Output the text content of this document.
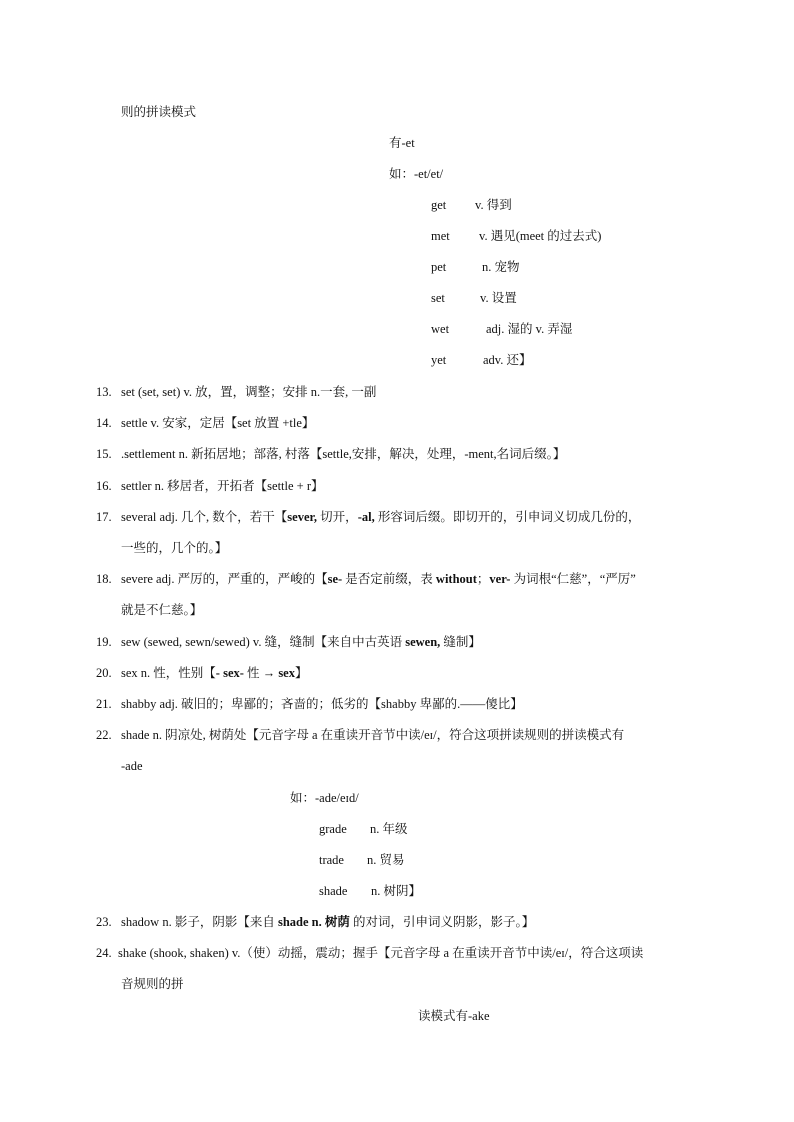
则的拼读模式
有-et
如：-et/et/
get v. 得到
met v. 遇见(meet 的过去式)
pet	n. 宠物
set	v. 设置
wet	adj. 湿的 v. 弄湿
yet	adv. 还】
13. set (set, set) v. 放，置，调整；安排 n.一套, 一副
14. settle v. 安家，定居【set 放置 +tle】
15. .settlement n. 新拓居地；部落, 村落【settle,安排，解决，处理，-ment,名词后缀。】
16. settler n. 移居者，开拓者【settle + r】
17. several adj. 几个, 数个，若干【sever, 切开，-al, 形容词后缀。即切开的，引申词义切成几份的，
一些的，几个的。】
18. severe adj. 严厉的，严重的，严峻的【se- 是否定前缀，表 without；ver- 为词根“仁慈”，“严厉”
就是不仁慈。】
19. sew (sewed, sewn/sewed) v. 缝，缝制【来自中古英语 sewen, 缝制】
20. sex n. 性，性别【- sex- 性 → sex】
21. shabby adj. 破旧的；卑鄙的；吝啬的；低劣的【shabby 卑鄙的.——傻比】
22. shade n. 阴凉处, 树荫处【元音字母 a 在重读开音节中读/eɪ/，符合这项拼读规则的拼读模式有
-ade
如：-ade/eɪd/
grade n. 年级
trade n. 贸易
shade n. 树阴】
23. shadow n. 影子，阴影【来自 shade n. 树荫 的对词，引申词义阴影，影子。】
24. shake (shook, shaken) v.（使）动摇，震动；握手【元音字母 a 在重读开音节中读/eɪ/，符合这项读
音规则的拼
读模式有-ake
